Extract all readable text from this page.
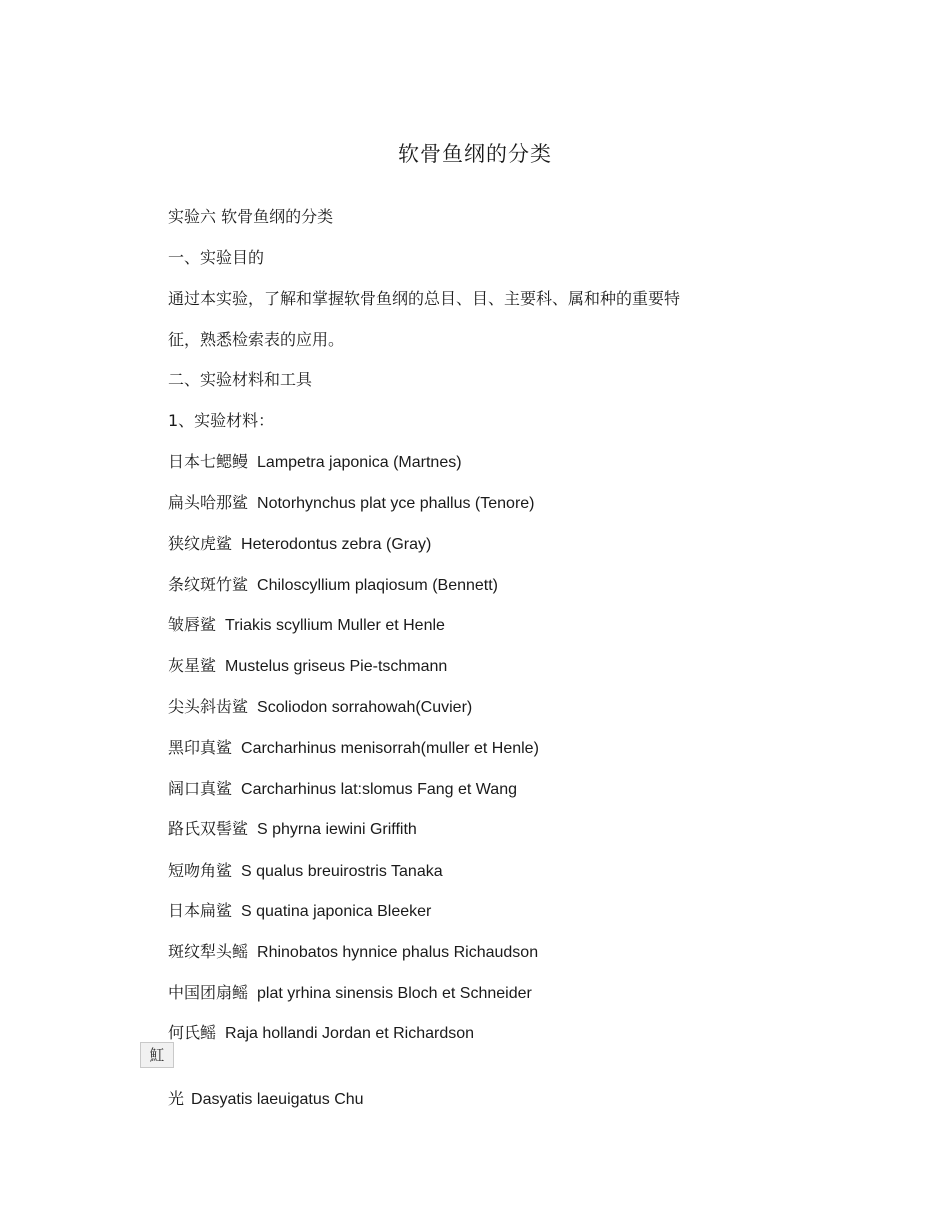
软骨鱼纲的分类
实验六 软骨鱼纲的分类
一、实验目的
通过本实验，了解和掌握软骨鱼纲的总目、目、主要科、属和种的重要特
征，熟悉检索表的应用。
二、实验材料和工具
1、实验材料：
日本七鳃鳗 Lampetra japonica (Martnes)
扁头哈那鲨 Notorhynchus plat yce phallus (Tenore)
狭纹虎鲨 Heterodontus zebra (Gray)
条纹斑竹鲨 Chiloscyllium plaqiosum (Bennett)
皱唇鲨 Triakis scyllium Muller et Henle
灰星鲨 Mustelus griseus Pie-tschmann
尖头斜齿鲨 Scoliodon sorrahowah(Cuvier)
黑印真鲨 Carcharhinus menisorrah(muller et Henle)
阔口真鲨 Carcharhinus lat:slomus Fang et Wang
路氏双髻鲨 S phyrna iewini Griffith
短吻角鲨 S qualus breuirostris Tanaka
日本扁鲨 S quatina japonica Bleeker
斑纹犁头鳐 Rhinobatos hynnice phalus Richaudson
中国团扇鳐 plat yrhina sinensis Bloch et Schneider
何氏鳐 Raja hollandi Jordan et Richardson
魟
光 Dasyatis laeuigatus Chu
